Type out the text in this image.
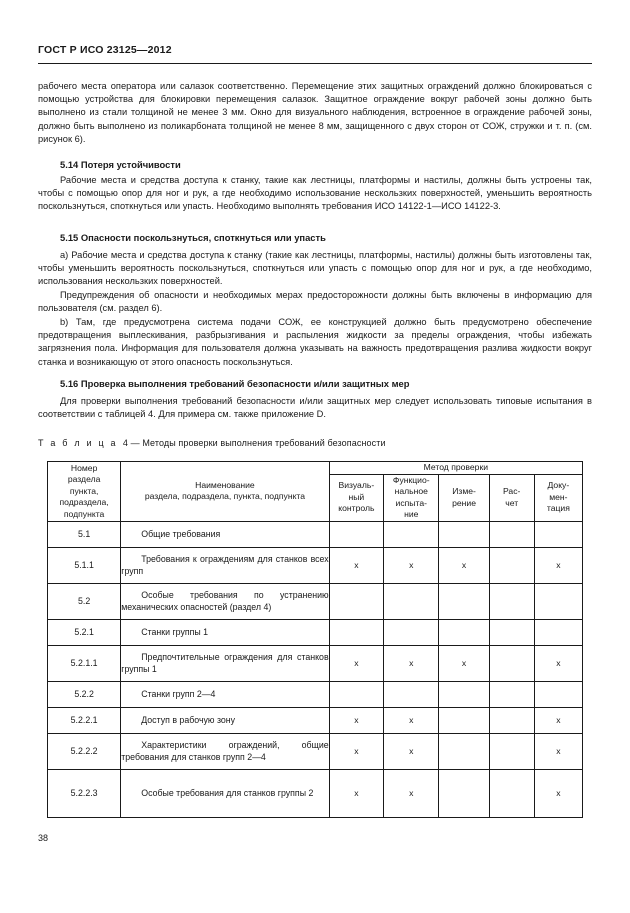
ГОСТ Р ИСО 23125—2012
рабочего места оператора или салазок соответственно. Перемещение этих защитных ограждений должно блокироваться с помощью устройства для блокировки перемещения салазок. Защитное ограждение вокруг рабочей зоны должно быть выполнено из стали толщиной не менее 3 мм. Окно для визуального наблюдения, встроенное в ограждение рабочей зоны, должно быть выполнено из поликарбоната толщиной не менее 8 мм, защищенного с двух сторон от СОЖ, стружки и т. п. (см. рисунок 6).
5.14 Потеря устойчивости
Рабочие места и средства доступа к станку, такие как лестницы, платформы и настилы, должны быть устроены так, чтобы с помощью опор для ног и рук, а где необходимо использование нескользких поверхностей, уменьшить вероятность поскользнуться, споткнуться или упасть. Необходимо выполнять требования ИСО 14122-1—ИСО 14122-3.
5.15 Опасности поскользнуться, споткнуться или упасть
а) Рабочие места и средства доступа к станку (такие как лестницы, платформы, настилы) должны быть изготовлены так, чтобы уменьшить вероятность поскользнуться, споткнуться или упасть с помощью опор для ног и рук, а где необходимо, использования нескользких поверхностей.
Предупреждения об опасности и необходимых мерах предосторожности должны быть включены в информацию для пользователя (см. раздел 6).
b) Там, где предусмотрена система подачи СОЖ, ее конструкцией должно быть предусмотрено обеспечение предотвращения выплескивания, разбрызгивания и распыления жидкости за пределы ограждения, чтобы избежать загрязнения пола. Информация для пользователя должна указывать на важность предотвращения разлива жидкости вокруг станка и возникающую от этого опасность поскользнуться.
5.16 Проверка выполнения требований безопасности и/или защитных мер
Для проверки выполнения требований безопасности и/или защитных мер следует использовать типовые испытания в соответствии с таблицей 4. Для примера см. также приложение D.
Т а б л и ц а 4 — Методы проверки выполнения требований безопасности
Номер
раздела
пункта,
подраздела,
подпункта

Наименование
раздела, подраздела, пункта, подпункта
	Метод проверки

Визуаль-
ный
контроль

Функцио-
нальное
испыта-
ние

Изме-
рение

Рас-
чет

Доку-
мен-
тация

5.1	Общие требования					
5.1.1	Требования к ограждениям для станков всех групп	х	х	х		х
5.2	Особые требования по устранению механических опасностей (раздел 4)					
5.2.1	Станки группы 1					
5.2.1.1	Предпочтительные ограждения для станков группы 1	х	х	х		х
5.2.2	Станки групп 2—4					
5.2.2.1	Доступ в рабочую зону	х	х			х
5.2.2.2	Характеристики ограждений, общие требования для станков групп 2—4	х	х			х
5.2.2.3	Особые требования для станков группы 2	х	х			х
38
